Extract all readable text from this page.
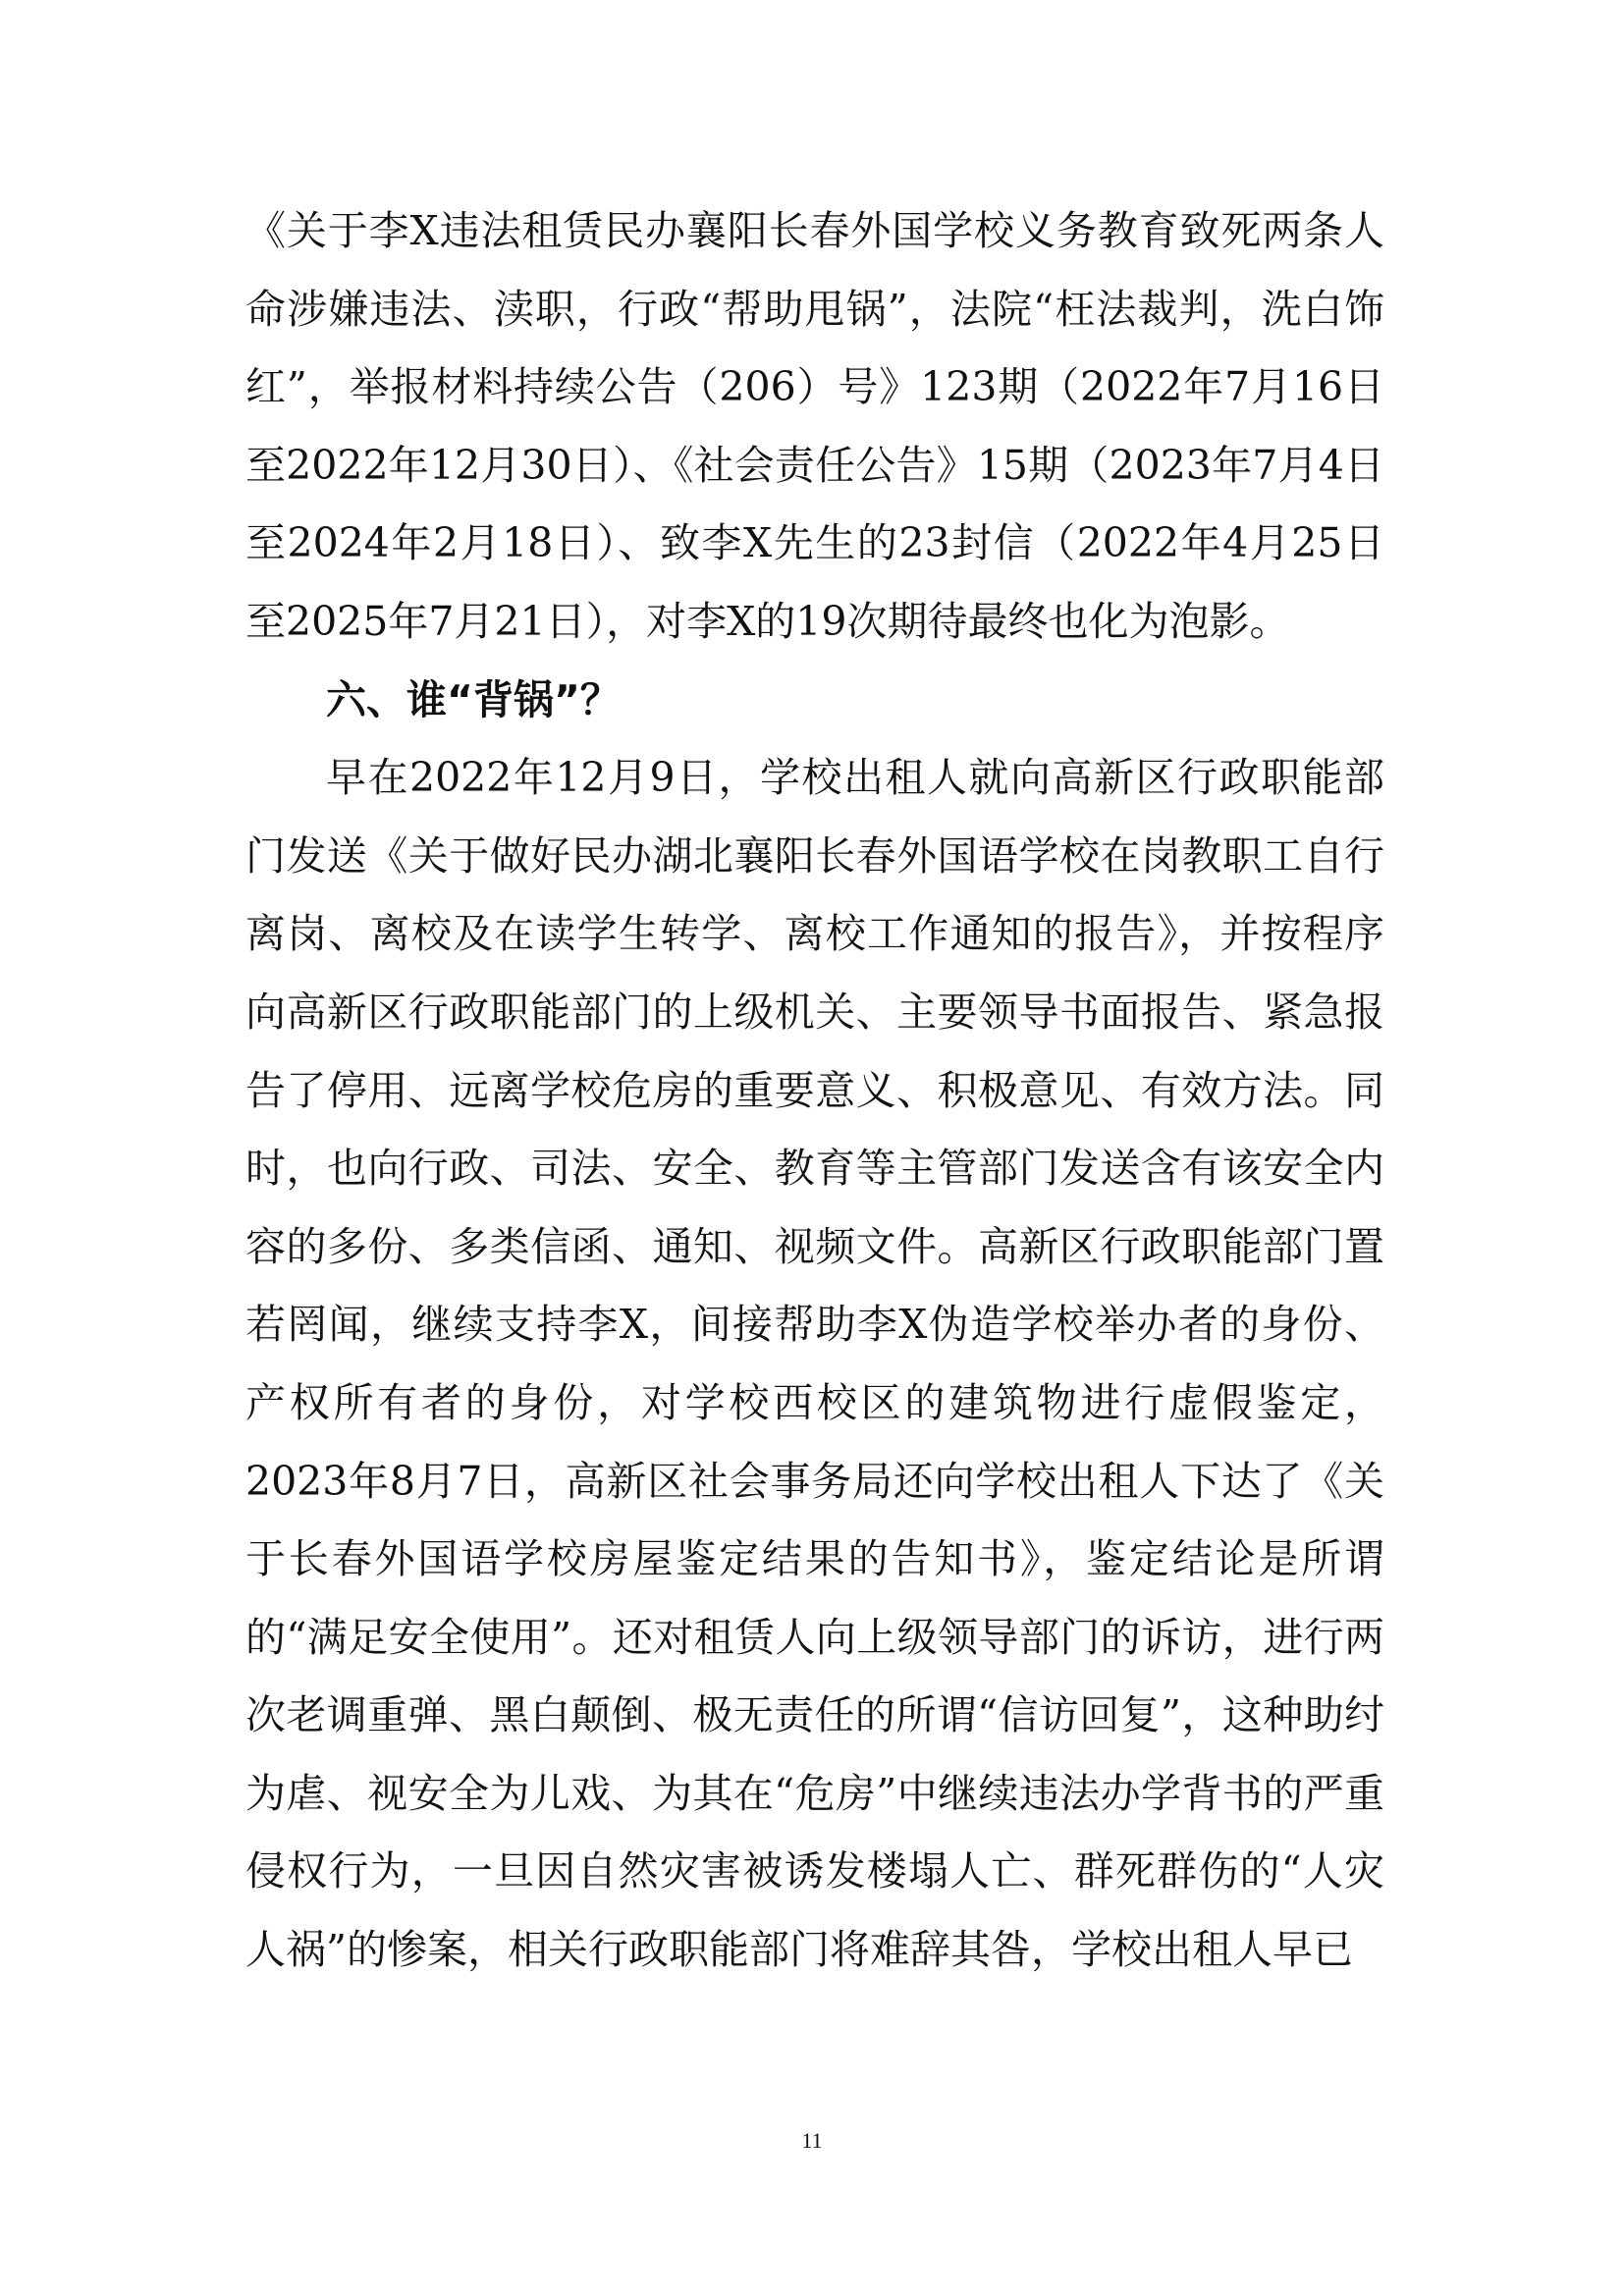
《关于李X违法租赁民办襄阳长春外国学校义务教育致死两条人命涉嫌违法、渎职，行政“帮助甩锅”，法院“枉法裁判，洗白饰红”，举报材料持续公告（206）号》123期（2022年7月16日至2022年12月30日）、《社会责任公告》15期（2023年7月4日至2024年2月18日）、致李X先生的23封信（2022年4月25日至2025年7月21日），对李X的19次期待最终也化为泡影。

六、谁“背锅”？

早在2022年12月9日，学校出租人就向高新区行政职能部门发送《关于做好民办湖北襄阳长春外国语学校在岗教职工自行离岗、离校及在读学生转学、离校工作通知的报告》，并按程序向高新区行政职能部门的上级机关、主要领导书面报告、紧急报告了停用、远离学校危房的重要意义、积极意见、有效方法。同时，也向行政、司法、安全、教育等主管部门发送含有该安全内容的多份、多类信函、通知、视频文件。高新区行政职能部门置若罔闻，继续支持李X，间接帮助李X伪造学校举办者的身份、产权所有者的身份，对学校西校区的建筑物进行虚假鉴定，2023年8月7日，高新区社会事务局还向学校出租人下达了《关于长春外国语学校房屋鉴定结果的告知书》，鉴定结论是所谓的“满足安全使用”。还对租赁人向上级领导部门的诉访，进行两次老调重弹、黑白颠倒、极无责任的所谓“信访回复”，这种助纣为虐、视安全为儿戏、为其在“危房”中继续违法办学背书的严重侵权行为，一旦因自然灾害被诱发楼塌人亡、群死群伤的“人灾人祸”的惨案，相关行政职能部门将难辞其咎，学校出租人早已

11
